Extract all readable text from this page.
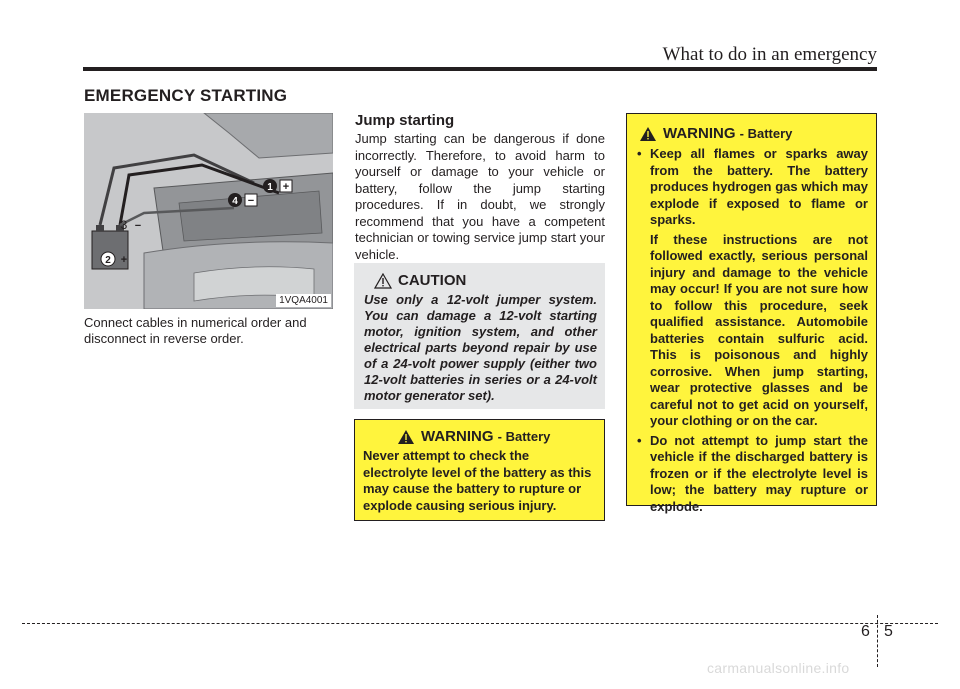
What to do in an emergency
EMERGENCY STARTING
1 +
4 −
3 −
2 +
1VQA4001
Connect cables in numerical order and disconnect in reverse order.
Jump starting
Jump starting can be dangerous if done incorrectly. Therefore, to avoid harm to yourself or damage to your vehicle or battery, follow the jump starting procedures. If in doubt, we strongly recommend that you have a competent technician or towing service jump start your vehicle.
CAUTION
Use only a 12-volt jumper system. You can damage a 12-volt starting motor, ignition system, and other electrical parts beyond repair by use of a 24-volt power supply (either two 12-volt batteries in series or a 24-volt motor generator set).
WARNING
- Battery
Never attempt to check the electrolyte level of the battery as this may cause the battery to rupture or explode causing serious injury.
WARNING
- Battery
• Keep all flames or sparks away from the battery. The battery produces hydrogen gas which may explode if exposed to flame or sparks.
If these instructions are not followed exactly, serious personal injury and damage to the vehicle may occur! If you are not sure how to follow this procedure, seek qualified assistance. Automobile batteries contain sulfuric acid. This is poisonous and highly corrosive. When jump starting, wear protective glasses and be careful not to get acid on yourself, your clothing or on the car.
• Do not attempt to jump start the vehicle if the discharged battery is frozen or if the electrolyte level is low; the battery may rupture or explode.
6 5
carmanualsonline.info
